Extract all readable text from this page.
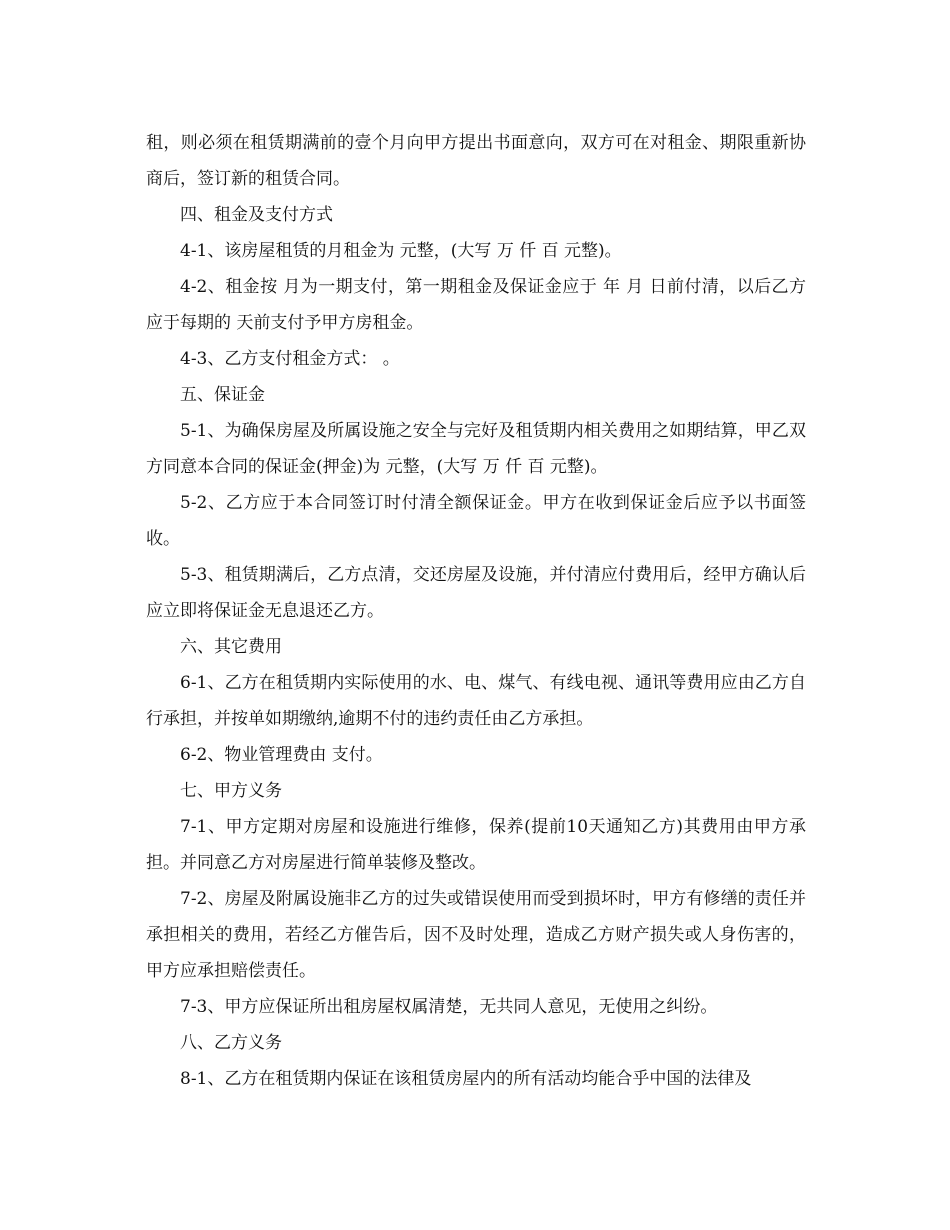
租，则必须在租赁期满前的壹个月向甲方提出书面意向，双方可在对租金、期限重新协商后，签订新的租赁合同。

四、租金及支付方式

4-1、该房屋租赁的月租金为 元整，(大写 万 仟 百 元整)。

4-2、租金按 月为一期支付，第一期租金及保证金应于 年 月 日前付清，以后乙方应于每期的 天前支付予甲方房租金。

4-3、乙方支付租金方式： 。

五、保证金

5-1、为确保房屋及所属设施之安全与完好及租赁期内相关费用之如期结算，甲乙双方同意本合同的保证金(押金)为 元整，(大写 万 仟 百 元整)。

5-2、乙方应于本合同签订时付清全额保证金。甲方在收到保证金后应予以书面签收。

5-3、租赁期满后，乙方点清，交还房屋及设施，并付清应付费用后，经甲方确认后应立即将保证金无息退还乙方。

六、其它费用

6-1、乙方在租赁期内实际使用的水、电、煤气、有线电视、通讯等费用应由乙方自行承担，并按单如期缴纳,逾期不付的违约责任由乙方承担。

6-2、物业管理费由 支付。

七、甲方义务

7-1、甲方定期对房屋和设施进行维修，保养(提前10天通知乙方)其费用由甲方承担。并同意乙方对房屋进行简单装修及整改。

7-2、房屋及附属设施非乙方的过失或错误使用而受到损坏时，甲方有修缮的责任并承担相关的费用，若经乙方催告后，因不及时处理，造成乙方财产损失或人身伤害的，甲方应承担赔偿责任。

7-3、甲方应保证所出租房屋权属清楚，无共同人意见，无使用之纠纷。

八、乙方义务

8-1、乙方在租赁期内保证在该租赁房屋内的所有活动均能合乎中国的法律及
